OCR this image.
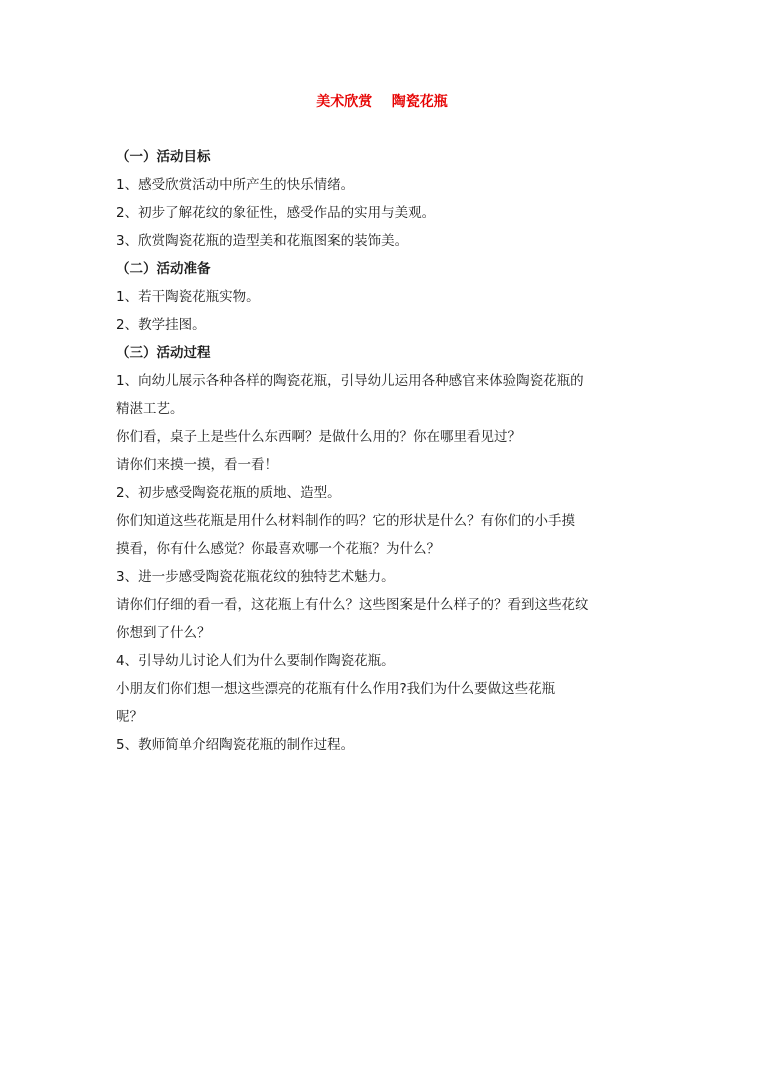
美术欣赏    陶瓷花瓶
（一）活动目标
1、感受欣赏活动中所产生的快乐情绪。
2、初步了解花纹的象征性，感受作品的实用与美观。
3、欣赏陶瓷花瓶的造型美和花瓶图案的装饰美。
（二）活动准备
1、若干陶瓷花瓶实物。
2、教学挂图。
（三）活动过程
1、向幼儿展示各种各样的陶瓷花瓶，引导幼儿运用各种感官来体验陶瓷花瓶的
精湛工艺。
你们看，桌子上是些什么东西啊？是做什么用的？你在哪里看见过？
请你们来摸一摸，看一看！
2、初步感受陶瓷花瓶的质地、造型。
你们知道这些花瓶是用什么材料制作的吗？它的形状是什么？有你们的小手摸
摸看，你有什么感觉？你最喜欢哪一个花瓶？为什么？
3、进一步感受陶瓷花瓶花纹的独特艺术魅力。
请你们仔细的看一看，这花瓶上有什么？这些图案是什么样子的？看到这些花纹
你想到了什么？
4、引导幼儿讨论人们为什么要制作陶瓷花瓶。
小朋友们你们想一想这些漂亮的花瓶有什么作用?我们为什么要做这些花瓶
呢？
5、教师简单介绍陶瓷花瓶的制作过程。
